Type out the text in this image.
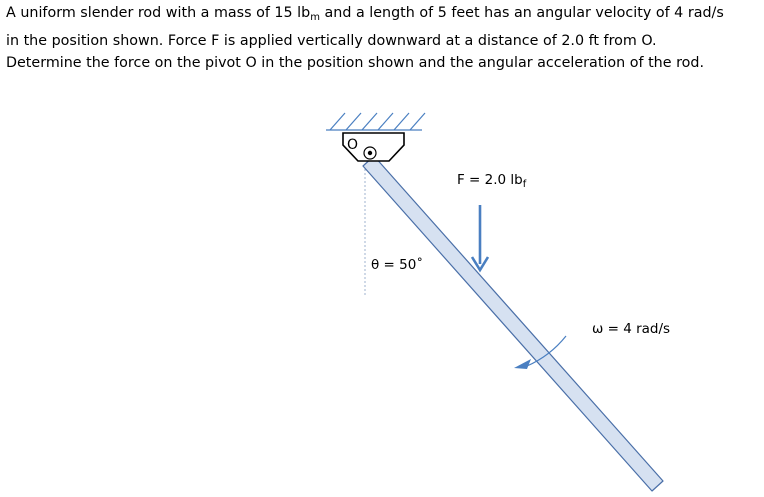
A uniform slender rod with a mass of 15 $lb_m$ and a length of 5 feet has an angular velocity of 4 rad/s
in the position shown. Force F is applied vertically downward at a distance of 2.0 ft from O.
Determine the force on the pivot O in the position shown and the angular acceleration of the rod.
O
F = 2.0 $lb_f$
θ = 50˚
ω = 4 rad/s
